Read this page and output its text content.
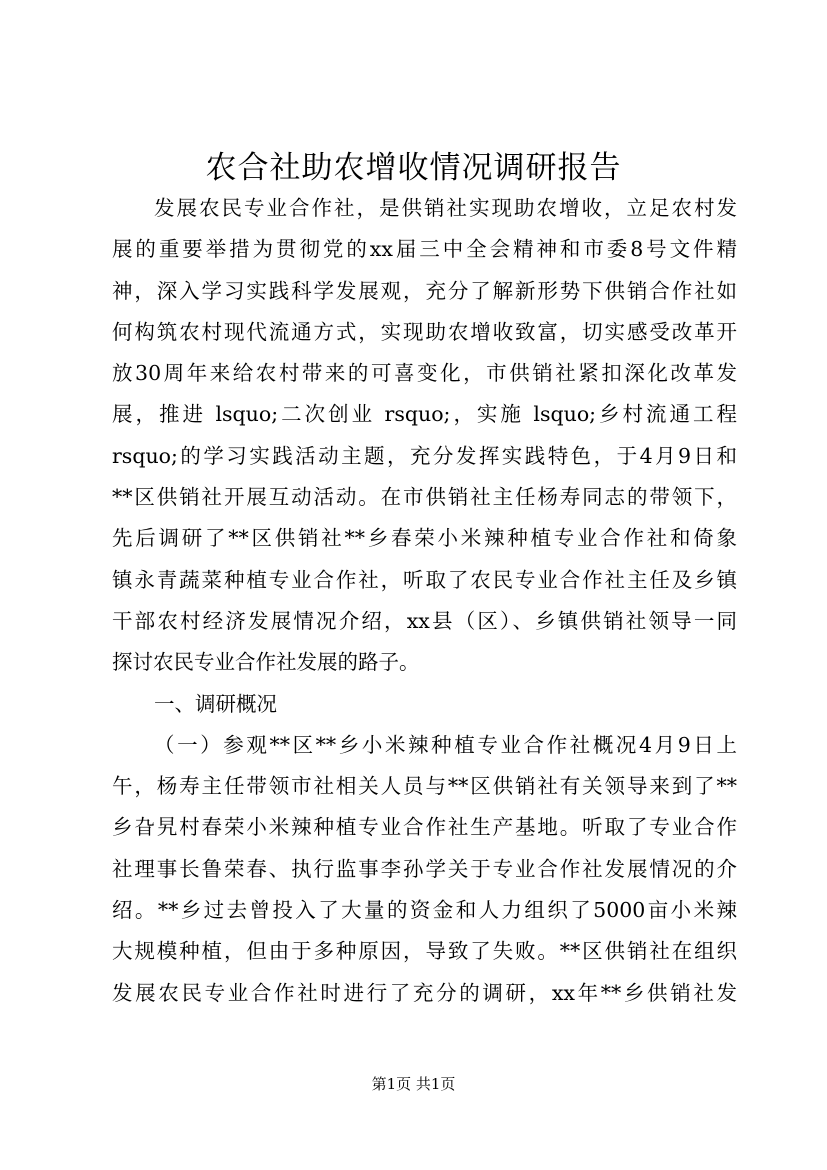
农合社助农增收情况调研报告
发展农民专业合作社，是供销社实现助农增收，立足农村发
展的重要举措为贯彻党的xx届三中全会精神和市委8号文件精
神，深入学习实践科学发展观，充分了解新形势下供销合作社如
何构筑农村现代流通方式，实现助农增收致富，切实感受改革开
放30周年来给农村带来的可喜变化，市供销社紧扣深化改革发
展，推进 lsquo;二次创业 rsquo;，实施 lsquo;乡村流通工程
rsquo;的学习实践活动主题，充分发挥实践特色，于4月9日和
**区供销社开展互动活动。在市供销社主任杨寿同志的带领下，
先后调研了**区供销社**乡春荣小米辣种植专业合作社和倚象
镇永青蔬菜种植专业合作社，听取了农民专业合作社主任及乡镇
干部农村经济发展情况介绍，xx县（区）、乡镇供销社领导一同
探讨农民专业合作社发展的路子。
一、调研概况
（一）参观**区**乡小米辣种植专业合作社概况4月9日上
午，杨寿主任带领市社相关人员与**区供销社有关领导来到了**
乡旮旯村春荣小米辣种植专业合作社生产基地。听取了专业合作
社理事长鲁荣春、执行监事李孙学关于专业合作社发展情况的介
绍。**乡过去曾投入了大量的资金和人力组织了5000亩小米辣
大规模种植，但由于多种原因，导致了失败。**区供销社在组织
发展农民专业合作社时进行了充分的调研，xx年**乡供销社发
第1页 共1页
